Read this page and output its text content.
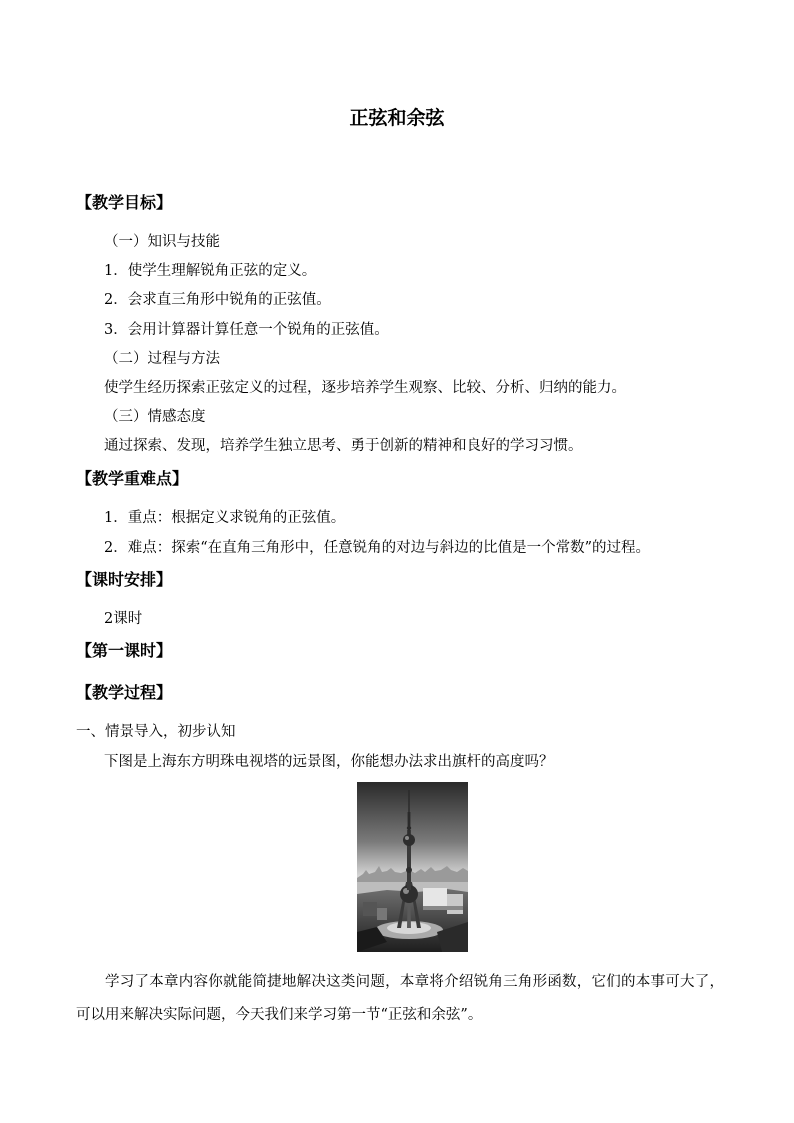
正弦和余弦
【教学目标】
（一）知识与技能
1．使学生理解锐角正弦的定义。
2．会求直三角形中锐角的正弦值。
3．会用计算器计算任意一个锐角的正弦值。
（二）过程与方法
使学生经历探索正弦定义的过程，逐步培养学生观察、比较、分析、归纳的能力。
（三）情感态度
通过探索、发现，培养学生独立思考、勇于创新的精神和良好的学习习惯。
【教学重难点】
1．重点：根据定义求锐角的正弦值。
2．难点：探索“在直角三角形中，任意锐角的对边与斜边的比值是一个常数”的过程。
【课时安排】
2课时
【第一课时】
【教学过程】
一、情景导入，初步认知
下图是上海东方明珠电视塔的远景图，你能想办法求出旗杆的高度吗？
学习了本章内容你就能简捷地解决这类问题，本章将介绍锐角三角形函数，它们的本事可大了，可以用来解决实际问题，今天我们来学习第一节“正弦和余弦”。
